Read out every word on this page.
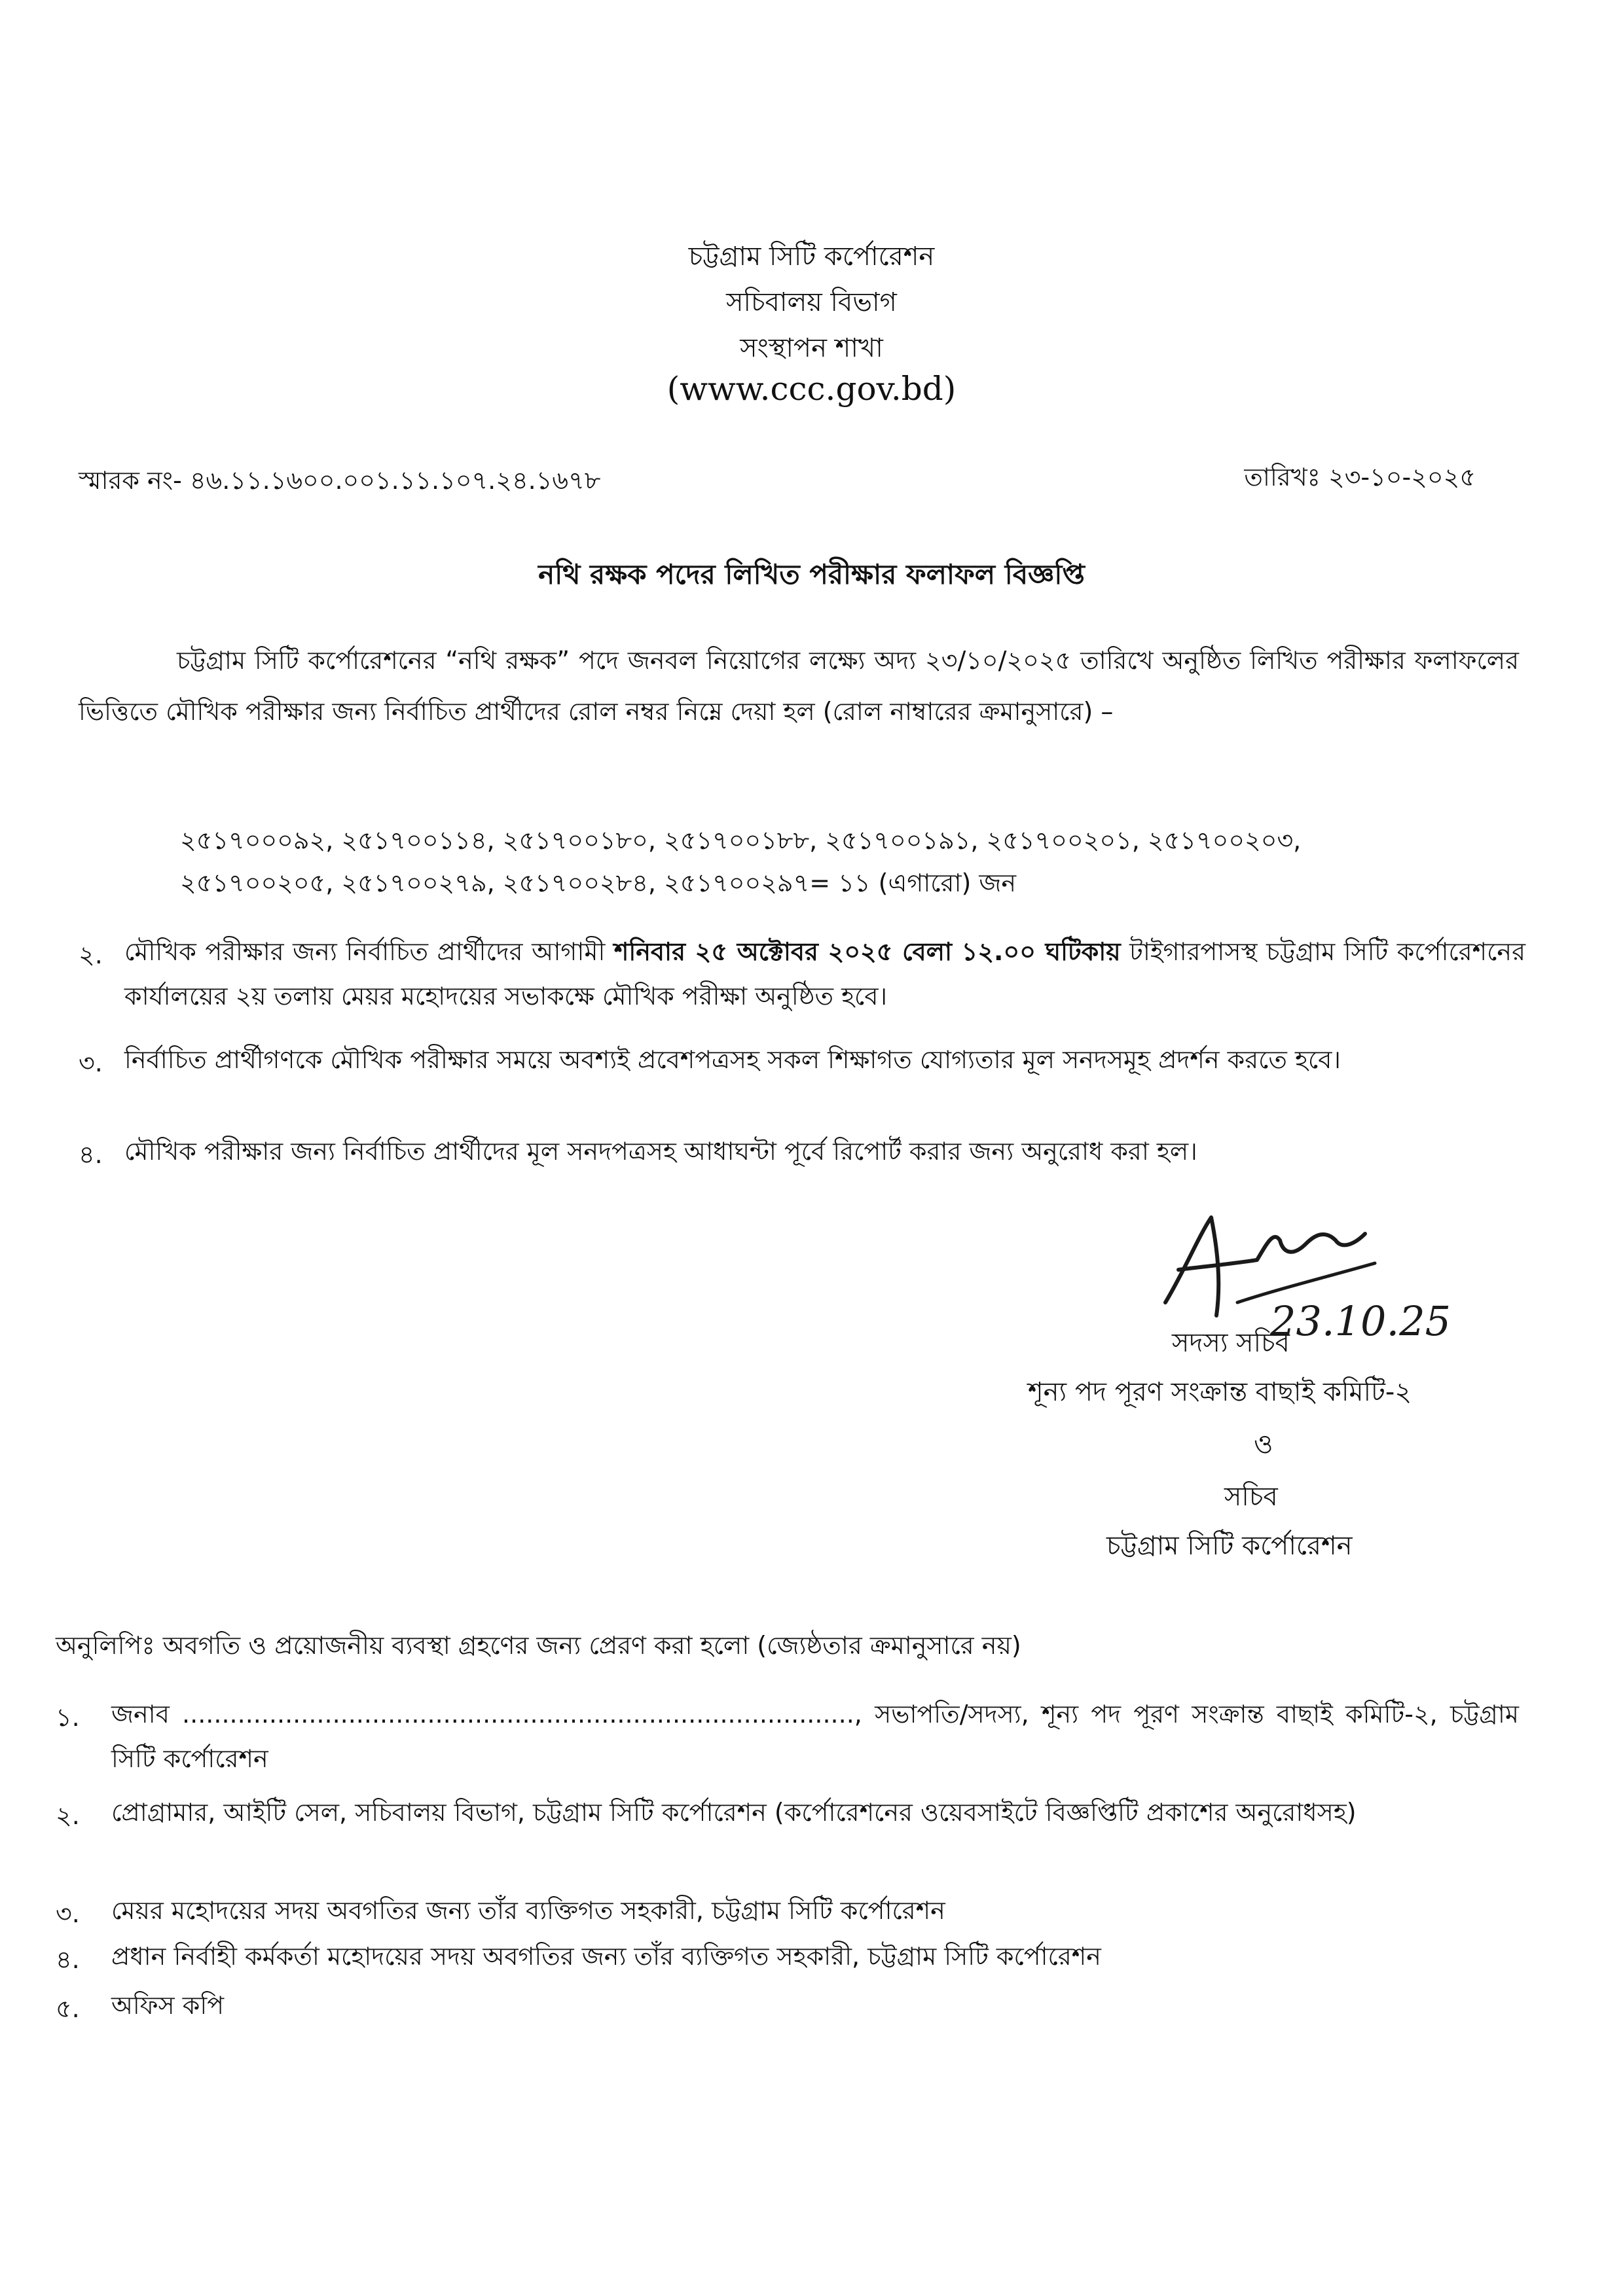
চট্টগ্রাম সিটি কর্পোরেশন
সচিবালয় বিভাগ
সংস্থাপন শাখা
(www.ccc.gov.bd)
স্মারক নং- ৪৬.১১.১৬০০.০০১.১১.১০৭.২৪.১৬৭৮	তারিখঃ ২৩-১০-২০২৫
নথি রক্ষক পদের লিখিত পরীক্ষার ফলাফল বিজ্ঞপ্তি
চট্টগ্রাম সিটি কর্পোরেশনের “নথি রক্ষক” পদে জনবল নিয়োগের লক্ষ্যে অদ্য ২৩/১০/২০২৫ তারিখে অনুষ্ঠিত লিখিত পরীক্ষার ফলাফলের ভিত্তিতে মৌখিক পরীক্ষার জন্য নির্বাচিত প্রার্থীদের রোল নম্বর নিম্নে দেয়া হল (রোল নাম্বারের ক্রমানুসারে) –
২৫১৭০০০৯২, ২৫১৭০০১১৪, ২৫১৭০০১৮০, ২৫১৭০০১৮৮, ২৫১৭০০১৯১, ২৫১৭০০২০১, ২৫১৭০০২০৩,
২৫১৭০০২০৫, ২৫১৭০০২৭৯, ২৫১৭০০২৮৪, ২৫১৭০০২৯৭= ১১ (এগারো) জন
২. মৌখিক পরীক্ষার জন্য নির্বাচিত প্রার্থীদের আগামী শনিবার ২৫ অক্টোবর ২০২৫ বেলা ১২.০০ ঘটিকায় টাইগারপাসস্থ চট্টগ্রাম সিটি কর্পোরেশনের কার্যালয়ের ২য় তলায় মেয়র মহোদয়ের সভাকক্ষে মৌখিক পরীক্ষা অনুষ্ঠিত হবে।
৩. নির্বাচিত প্রার্থীগণকে মৌখিক পরীক্ষার সময়ে অবশ্যই প্রবেশপত্রসহ সকল শিক্ষাগত যোগ্যতার মূল সনদসমূহ প্রদর্শন করতে হবে।
৪. মৌখিক পরীক্ষার জন্য নির্বাচিত প্রার্থীদের মূল সনদপত্রসহ আধাঘন্টা পূর্বে রিপোর্ট করার জন্য অনুরোধ করা হল।
23.10.25
সদস্য সচিব
শূন্য পদ পূরণ সংক্রান্ত বাছাই কমিটি-২
ও
সচিব
চট্টগ্রাম সিটি কর্পোরেশন
অনুলিপিঃ অবগতি ও প্রয়োজনীয় ব্যবস্থা গ্রহণের জন্য প্রেরণ করা হলো (জ্যেষ্ঠতার ক্রমানুসারে নয়)
১. জনাব ....................................................................................., সভাপতি/সদস্য, শূন্য পদ পূরণ সংক্রান্ত বাছাই কমিটি-২, চট্টগ্রাম সিটি কর্পোরেশন
২. প্রোগ্রামার, আইটি সেল, সচিবালয় বিভাগ, চট্টগ্রাম সিটি কর্পোরেশন (কর্পোরেশনের ওয়েবসাইটে বিজ্ঞপ্তিটি প্রকাশের অনুরোধসহ)
৩. মেয়র মহোদয়ের সদয় অবগতির জন্য তাঁর ব্যক্তিগত সহকারী, চট্টগ্রাম সিটি কর্পোরেশন
৪. প্রধান নির্বাহী কর্মকর্তা মহোদয়ের সদয় অবগতির জন্য তাঁর ব্যক্তিগত সহকারী, চট্টগ্রাম সিটি কর্পোরেশন
৫. অফিস কপি
